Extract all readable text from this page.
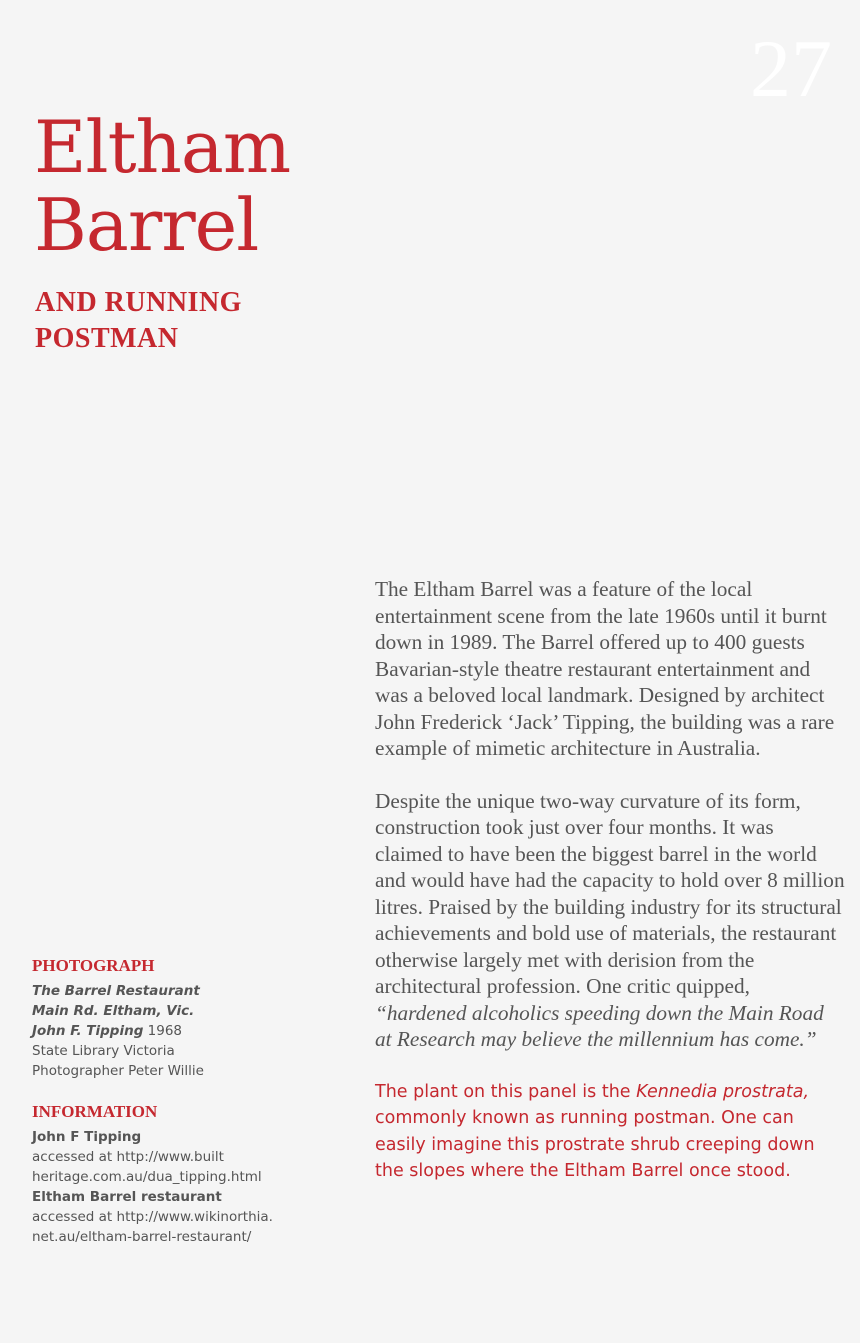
27
Eltham
Barrel
AND RUNNING
POSTMAN

The Eltham Barrel was a feature of the local entertainment scene from the late 1960s until it burnt down in 1989. The Barrel offered up to 400 guests Bavarian-style theatre restaurant entertainment and was a beloved local landmark. Designed by architect John Frederick ‘Jack’ Tipping, the building was a rare example of mimetic architecture in Australia.

Despite the unique two-way curvature of its form, construction took just over four months. It was claimed to have been the biggest barrel in the world and would have had the capacity to hold over 8 million litres. Praised by the building industry for its structural achievements and bold use of materials, the restaurant otherwise largely met with derision from the architectural profession. One critic quipped, “hardened alcoholics speeding down the Main Road at Research may believe the millennium has come.”

The plant on this panel is the Kennedia prostrata, commonly known as running postman. One can easily imagine this prostrate shrub creeping down the slopes where the Eltham Barrel once stood.

PHOTOGRAPH
The Barrel Restaurant
Main Rd. Eltham, Vic.
John F. Tipping 1968
State Library Victoria
Photographer Peter Willie
INFORMATION
John F Tipping
accessed at http://www.built
heritage.com.au/dua_tipping.html
Eltham Barrel restaurant
accessed at http://www.wikinorthia.
net.au/eltham-barrel-restaurant/
